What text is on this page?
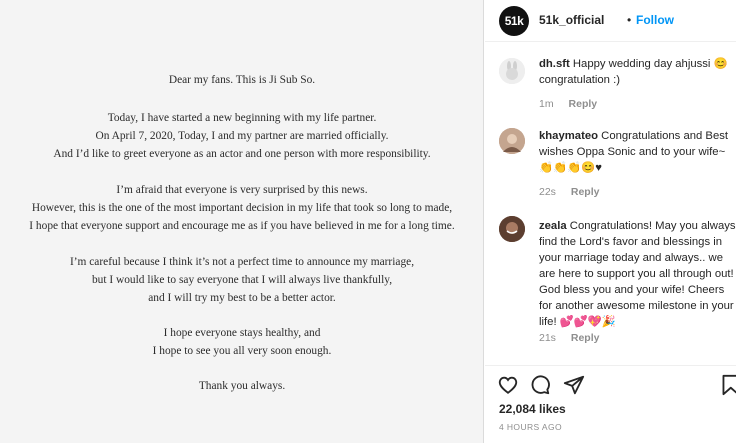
Dear my fans. This is Ji Sub So.
Today, I have started a new beginning with my life partner.
On April 7, 2020, Today, I and my partner are married officially.
And I’d like to greet everyone as an actor and one person with more responsibility.
I’m afraid that everyone is very surprised by this news.
However, this is the one of the most important decision in my life that took so long to made,
I hope that everyone support and encourage me as if you have believed in me for a long time.
I’m careful because I think it’s not a perfect time to announce my marriage,
but I would like to say everyone that I will always live thankfully,
and I will try my best to be a better actor.
I hope everyone stays healthy, and
I hope to see you all very soon enough.
Thank you always.
51k 51k_official • Follow
dh.sft Happy wedding day ahjussi 😊 congratulation :)
1m Reply
khaymateo Congratulations and Best wishes Oppa Sonic and to your wife~ 👏👏👏😊♥
22s Reply
zeala Congratulations! May you always find the Lord's favor and blessings in your marriage today and always.. we are here to support you all through out! God bless you and your wife! Cheers for another awesome milestone in your life! 💕💕💖🎉
21s Reply
22,084 likes
4 HOURS AGO
